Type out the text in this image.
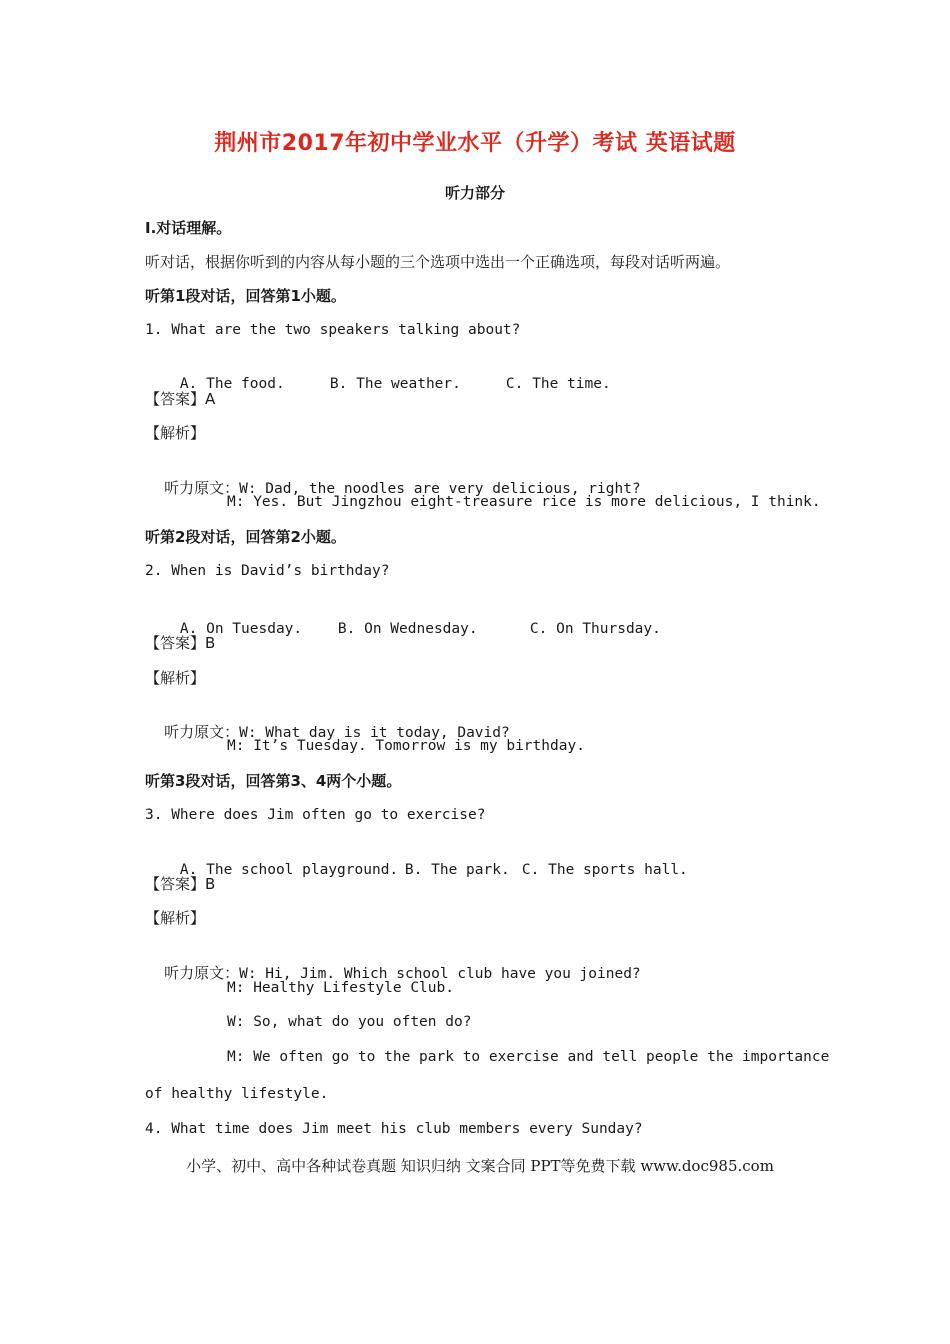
荆州市2017年初中学业水平（升学）考试 英语试题
听力部分
I.对话理解。
听对话，根据你听到的内容从每小题的三个选项中选出一个正确选项，每段对话听两遍。
听第1段对话，回答第1小题。
1. What are the two speakers talking about?

A. The food.	B. The weather.	C. The time.

【答案】A
【解析】

听力原文：W: Dad, the noodles are very delicious, right?

M: Yes. But Jingzhou eight-treasure rice is more delicious, I think.
听第2段对话，回答第2小题。
2. When is David’s birthday?

A. On Tuesday. B. On Wednesday.	C. On Thursday.

【答案】B
【解析】

听力原文：W: What day is it today, David?

M: It’s Tuesday. Tomorrow is my birthday.
听第3段对话，回答第3、4两个小题。
3. Where does Jim often go to exercise?

A. The school playground. B. The park. C. The sports hall.

【答案】B
【解析】

听力原文：W: Hi, Jim. Which school club have you joined?

M: Healthy Lifestyle Club.
W: So, what do you often do?
M: We often go to the park to exercise and tell people the importance
of healthy lifestyle.
4. What time does Jim meet his club members every Sunday?
小学、初中、高中各种试卷真题 知识归纳 文案合同 PPT等免费下载 www.doc985.com
